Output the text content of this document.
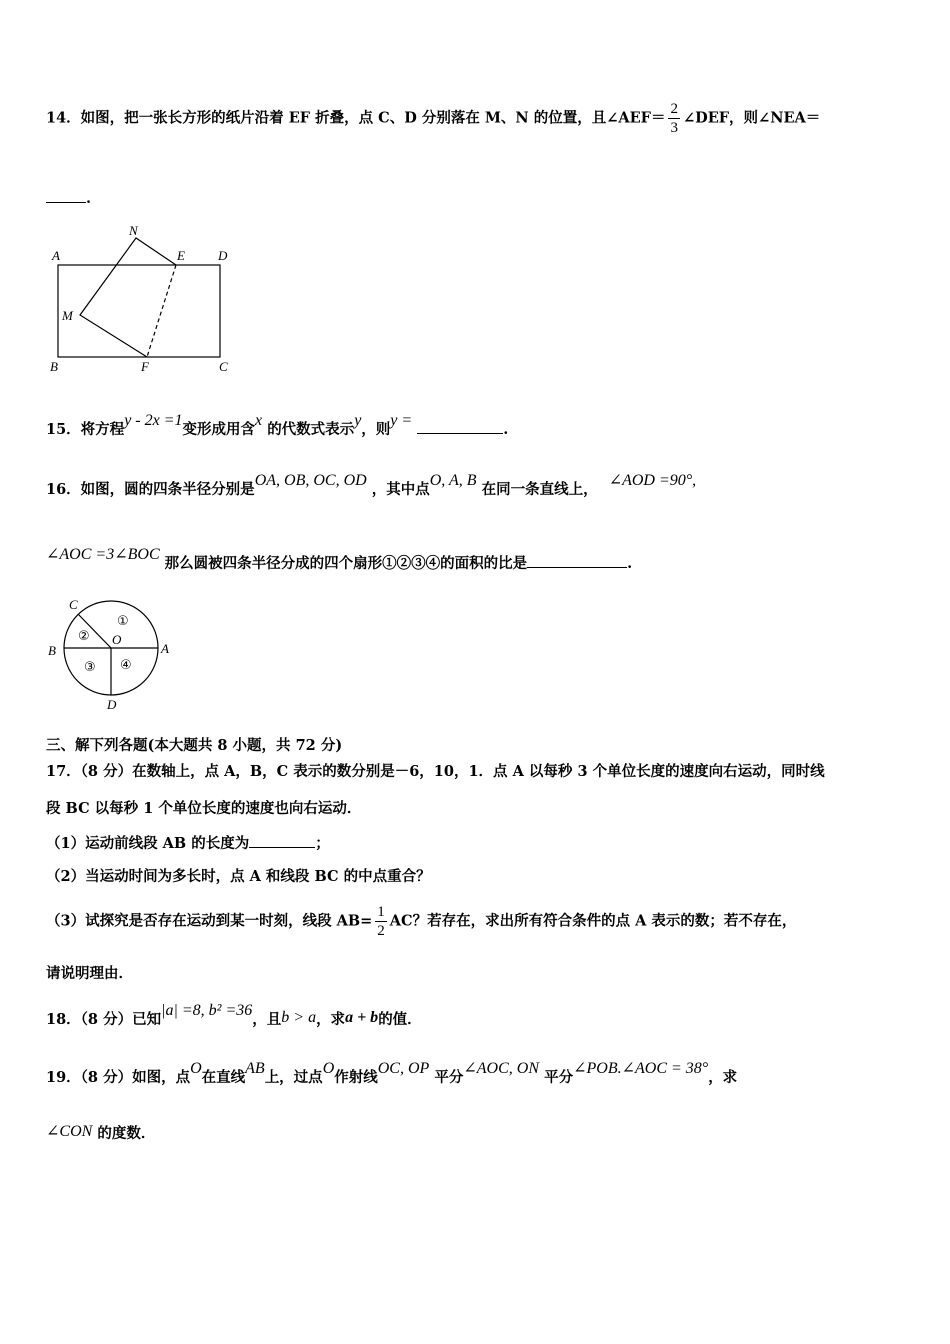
14．如图，把一张长方形的纸片沿着 EF 折叠，点 C、D 分别落在 M、N 的位置，且∠AEF＝ $\frac{2}{3}$ ∠DEF，则∠NEA＝
.
A
N
E	D
M
B	F	C
15．将方程y - 2x =1变形成用含x 的代数式表示y，则y = .
16．如图，圆的四条半径分别是OA, OB, OC, OD ，其中点O, A, B 在同一条直线上， ∠AOD =90°,
∠AOC =3∠BOC 那么圆被四条半径分成的四个扇形①②③④的面积的比是	.
C
B	A
D
O
①
②
③ ④
三、解下列各题(本大题共 8 小题，共 72 分)
17．（8 分）在数轴上，点 A，B，C 表示的数分别是－6，10，1．点 A 以每秒 3 个单位长度的速度向右运动，同时线
段 BC 以每秒 1 个单位长度的速度也向右运动．
（1）运动前线段 AB 的长度为	；
（2）当运动时间为多长时，点 A 和线段 BC 的中点重合？
（3）试探究是否存在运动到某一时刻，线段 $AB= \frac{1}{2}$ AC？若存在，求出所有符合条件的点 A 表示的数；若不存在，
请说明理由．
18．（8 分）已知|a| =8, b² =36，且b > a，求a + b的值．
19．（8 分）如图，点O在直线AB上，过点O作射线OC, OP 平分∠AOC, ON 平分∠POB.∠AOC = 38°，求
∠CON 的度数．
